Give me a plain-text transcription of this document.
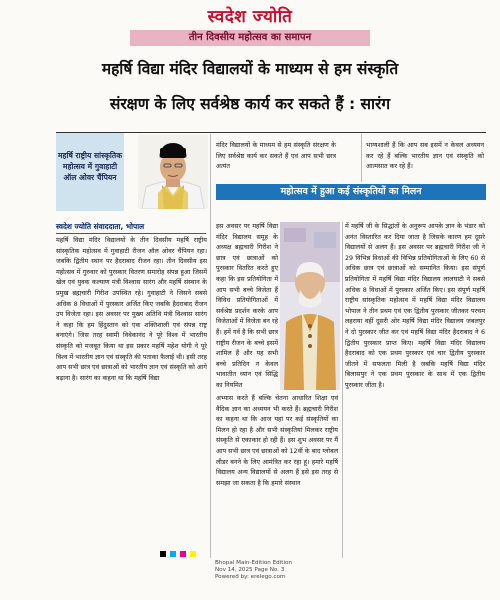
स्वदेश ज्योति
तीन दिवसीय महोत्सव का समापन
महर्षि विद्या मंदिर विद्यालयों के माध्यम से हम संस्कृति
संरक्षण के लिए सर्वश्रेष्ठ कार्य कर सकते हैं : सारंग
महर्षि राष्ट्रीय सांस्कृतिक महोत्सव में गुवाहाटी ऑल ओवर चैंपियन
मंदिर विद्यालयों के माध्यम से हम संस्कृति संरक्षण के लिए सर्वश्रेष्ठ कार्य कर सकते हैं एवं आप सभी छात्र अत्यंत
भाग्यशाली हैं कि आप सब इसमें न केवल अध्ययन कर रहे हैं बल्कि भारतीय ज्ञान एवं संस्कृति को आत्मसात कर रहे हैं।
महोत्सव में हुआ कई संस्कृतियों का मिलन
स्वदेश ज्योति संवाददाता, भोपाल
महर्षि विद्या मंदिर विद्यालयों के तीन दिवसीय महर्षि राष्ट्रीय सांस्कृतिक महोत्सव में गुवाहाटी रीजन ऑल ओवर चैंपियन रहा। जबकि द्वितीय स्थान पर हैदराबाद रीजन रहा। तीन दिवसीय इस महोत्सव में गुरुवार को पुरस्कार वितरण समारोह संपन्न हुआ जिसमें खेल एवं युवक कल्याण मंत्री विश्वास सारंग और महर्षि संस्थान के प्रमुख ब्रह्मचारी गिरीश उपस्थित रहे। गुवाहाटी ने जिसने सबसे अधिक 8 विधाओं में पुरस्कार अर्जित किए जबकि हैदराबाद रीजन उप विजेता रहा। इस अवसर पर मुख्य अतिथि मंत्री विश्वास सारंग ने कहा कि हम हिंदुस्तान को एक शक्तिशाली एवं संपन्न राष्ट्र बनाएंगे। जिस तरह स्वामी विवेकानंद ने पूरे विश्व में भारतीय संस्कृति को मजबूत किया था इस प्रकार महर्षि महेश योगी ने पूरे विश्व में भारतीय ज्ञान एवं संस्कृति की पताका फैलाई थी। इसी तरह आप सभी छात्र एवं छात्राओं को भारतीय ज्ञान एवं संस्कृति को आगे बढ़ाना है। सारंग का कहना था कि महर्षि विद्या
इस अवसर पर महर्षि विद्या मंदिर विद्यालय समूह के अध्यक्ष ब्रह्मचारी गिरीश ने छात्र एवं छात्राओं को पुरस्कार वितरित करते हुए कहा कि इस प्रतियोगिता में आप सभी बच्चे विजेता हैं विविध प्रतियोगिताओं में सर्वश्रेष्ठ प्रदर्शन करके आप विजेताओं में विजेता बन रहे हैं। हमें गर्व है कि सभी छात्र राष्ट्रीय रीजन के बच्चे इसमें शामिल हैं और यह सभी बच्चे प्रतिदिन न केवल भावातीत ध्यान एवं सिद्धि का नियमित
अभ्यास करते हैं बल्कि चेतना आधारित शिक्षा एवं वैदिक ज्ञान का अध्ययन भी करते हैं। ब्रह्मचारी गिरीश का कहना था कि आज यहां पर कई संस्कृतियों का मिलन हो रहा है और सभी संस्कृतियां मिलकर राष्ट्रीय संस्कृति से एकाकार हो रही हैं। इस शुभ अवसर पर मैं आप सभी छात्र एवं छात्राओं को 12वीं के बाद ग्लोबल लीडर बनने के लिए आमंत्रित कर रहा हूं। हमारे महर्षि विद्यालय अन्य विद्यालयों से अलग हैं इसे इस तरह से समझा जा सकता है कि हमारे संस्थान
में महर्षि जी के सिद्धांतों के अनुरूप आपके ज्ञान के भंडार को अनंत विस्तारित कर दिया जाता है जिसके कारण हम दूसरे विद्यालयों से अलग हैं। इस अवसर पर ब्रह्मचारी गिरीश जी ने 29 विभिन्न विधाओं की विभिन्न प्रतियोगिताओं के लिए 60 से अधिक छात्र एवं छात्राओं को सम्मानित किया। इस संपूर्ण प्रतियोगिता में महर्षि विद्या मंदिर विद्यालय लालघाटी ने सबसे अधिक 8 विधाओं में पुरस्कार अर्जित किए। इस संपूर्ण महर्षि राष्ट्रीय सांस्कृतिक महोत्सव में महर्षि विद्या मंदिर विद्यालय भोपाल ने तीन प्रथम एवं एक द्वितीय पुरस्कार जीतकर परचम लहराया वहीं दूसरी ओर महर्षि विद्या मंदिर विद्यालय जबलपुर ने दो पुरस्कार जीत कर एवं महर्षि विद्या मंदिर हैदराबाद ने 6 द्वितीय पुरस्कार प्राप्त किए। महर्षि विद्या मंदिर विद्यालय हैदराबाद को एक प्रथम पुरस्कार एवं चार द्वितीय पुरस्कार जीतने में सफलता मिली है जबकि महर्षि विद्या मंदिर बिलासपुर ने एक प्रथम पुरस्कार के साथ में एक द्वितीय पुरस्कार जीता है।
Bhopal Main-Edition Edition
Nov 14, 2025 Page No. 3
Powered by: erelego.com
